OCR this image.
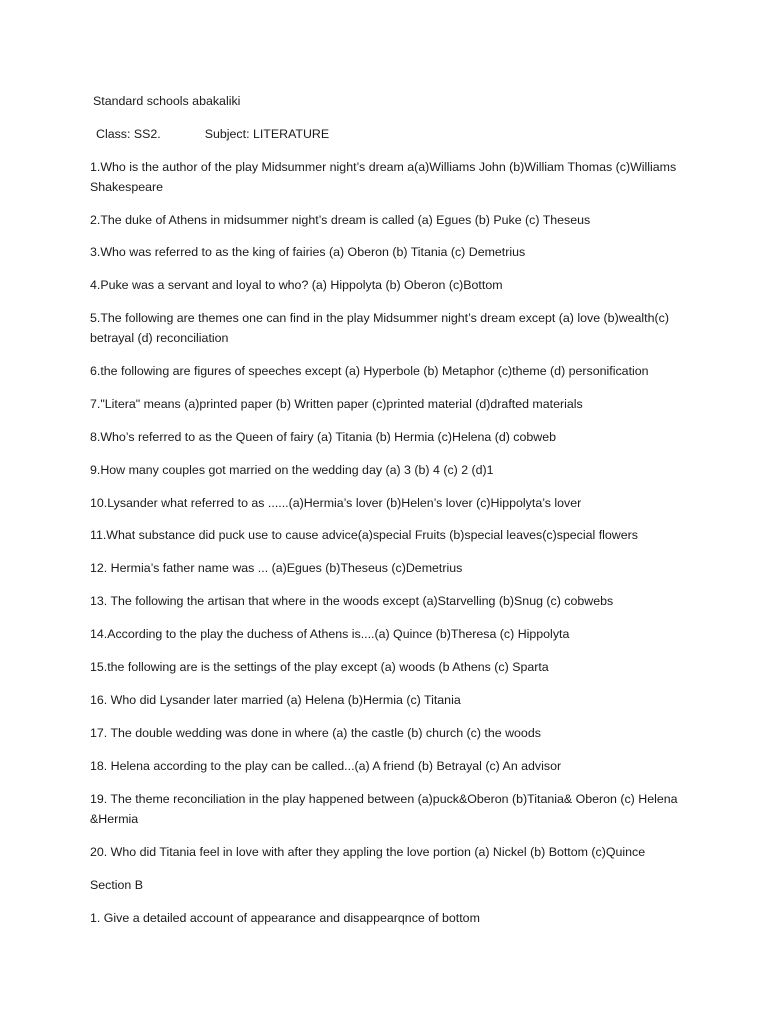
Standard schools abakaliki
Class: SS2.	Subject: LITERATURE
1.Who is the author of the play Midsummer night’s dream a(a)Williams John (b)William Thomas (c)Williams Shakespeare
2.The duke of Athens in midsummer night’s dream is called (a) Egues (b) Puke (c) Theseus
3.Who was referred to as the king of fairies (a) Oberon (b) Titania (c) Demetrius
4.Puke was a servant and loyal to who? (a) Hippolyta (b) Oberon (c)Bottom
5.The following are themes one can find in the play Midsummer night’s dream except (a) love (b)wealth(c) betrayal (d) reconciliation
6.the following are figures of speeches except (a) Hyperbole (b) Metaphor (c)theme (d) personification
7."Litera" means (a)printed paper (b) Written paper (c)printed material (d)drafted materials
8.Who’s referred to as the Queen of fairy (a) Titania (b) Hermia (c)Helena (d) cobweb
9.How many couples got married on the wedding day (a) 3 (b) 4 (c) 2 (d)1
10.Lysander what referred to as ......(a)Hermia’s lover (b)Helen’s lover (c)Hippolyta’s lover
11.What substance did puck use to cause advice(a)special Fruits (b)special leaves(c)special flowers
12. Hermia’s father name was ... (a)Egues (b)Theseus (c)Demetrius
13. The following the artisan that where in the woods except (a)Starvelling (b)Snug (c) cobwebs
14.According to the play the duchess of Athens is....(a) Quince (b)Theresa (c) Hippolyta
15.the following are is the settings of the play except (a) woods (b Athens (c) Sparta
16. Who did Lysander later married (a) Helena (b)Hermia (c) Titania
17. The double wedding was done in where (a) the castle (b) church (c) the woods
18. Helena according to the play can be called...(a) A friend (b) Betrayal (c) An advisor
19. The theme reconciliation in the play happened between (a)puck&Oberon (b)Titania& Oberon (c) Helena &Hermia
20. Who did Titania feel in love with after they appling the love portion (a) Nickel (b) Bottom (c)Quince
Section B
1. Give a detailed account of appearance and disappearqnce of bottom
